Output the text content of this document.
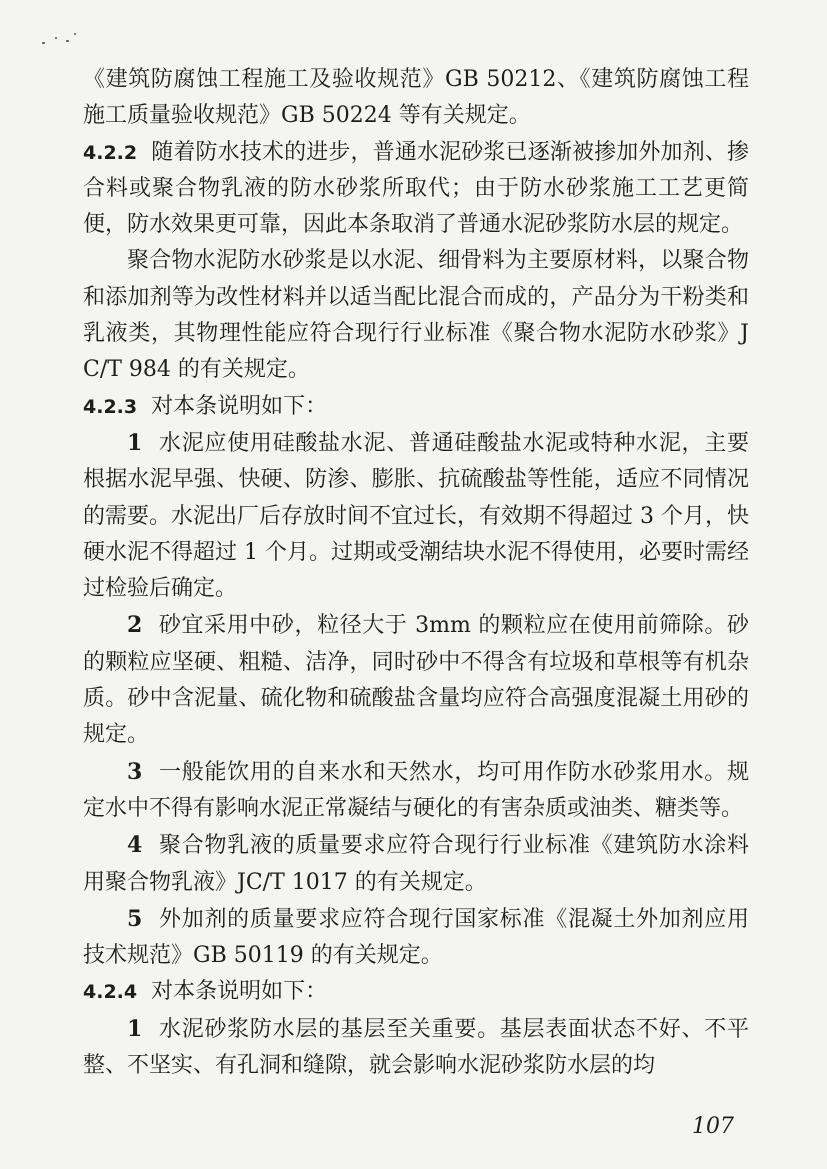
《建筑防腐蚀工程施工及验收规范》GB 50212、《建筑防腐蚀工程施工质量验收规范》GB 50224 等有关规定。

4.2.2 随着防水技术的进步，普通水泥砂浆已逐渐被掺加外加剂、掺合料或聚合物乳液的防水砂浆所取代；由于防水砂浆施工工艺更简便，防水效果更可靠，因此本条取消了普通水泥砂浆防水层的规定。

聚合物水泥防水砂浆是以水泥、细骨料为主要原材料，以聚合物和添加剂等为改性材料并以适当配比混合而成的，产品分为干粉类和乳液类，其物理性能应符合现行行业标准《聚合物水泥防水砂浆》JC/T 984 的有关规定。

4.2.3 对本条说明如下：

1 水泥应使用硅酸盐水泥、普通硅酸盐水泥或特种水泥，主要根据水泥早强、快硬、防渗、膨胀、抗硫酸盐等性能，适应不同情况的需要。水泥出厂后存放时间不宜过长，有效期不得超过 3 个月，快硬水泥不得超过 1 个月。过期或受潮结块水泥不得使用，必要时需经过检验后确定。

2 砂宜采用中砂，粒径大于 3mm 的颗粒应在使用前筛除。砂的颗粒应坚硬、粗糙、洁净，同时砂中不得含有垃圾和草根等有机杂质。砂中含泥量、硫化物和硫酸盐含量均应符合高强度混凝土用砂的规定。

3 一般能饮用的自来水和天然水，均可用作防水砂浆用水。规定水中不得有影响水泥正常凝结与硬化的有害杂质或油类、糖类等。

4 聚合物乳液的质量要求应符合现行行业标准《建筑防水涂料用聚合物乳液》JC/T 1017 的有关规定。

5 外加剂的质量要求应符合现行国家标准《混凝土外加剂应用技术规范》GB 50119 的有关规定。

4.2.4 对本条说明如下：

1 水泥砂浆防水层的基层至关重要。基层表面状态不好、不平整、不坚实、有孔洞和缝隙，就会影响水泥砂浆防水层的均

107
